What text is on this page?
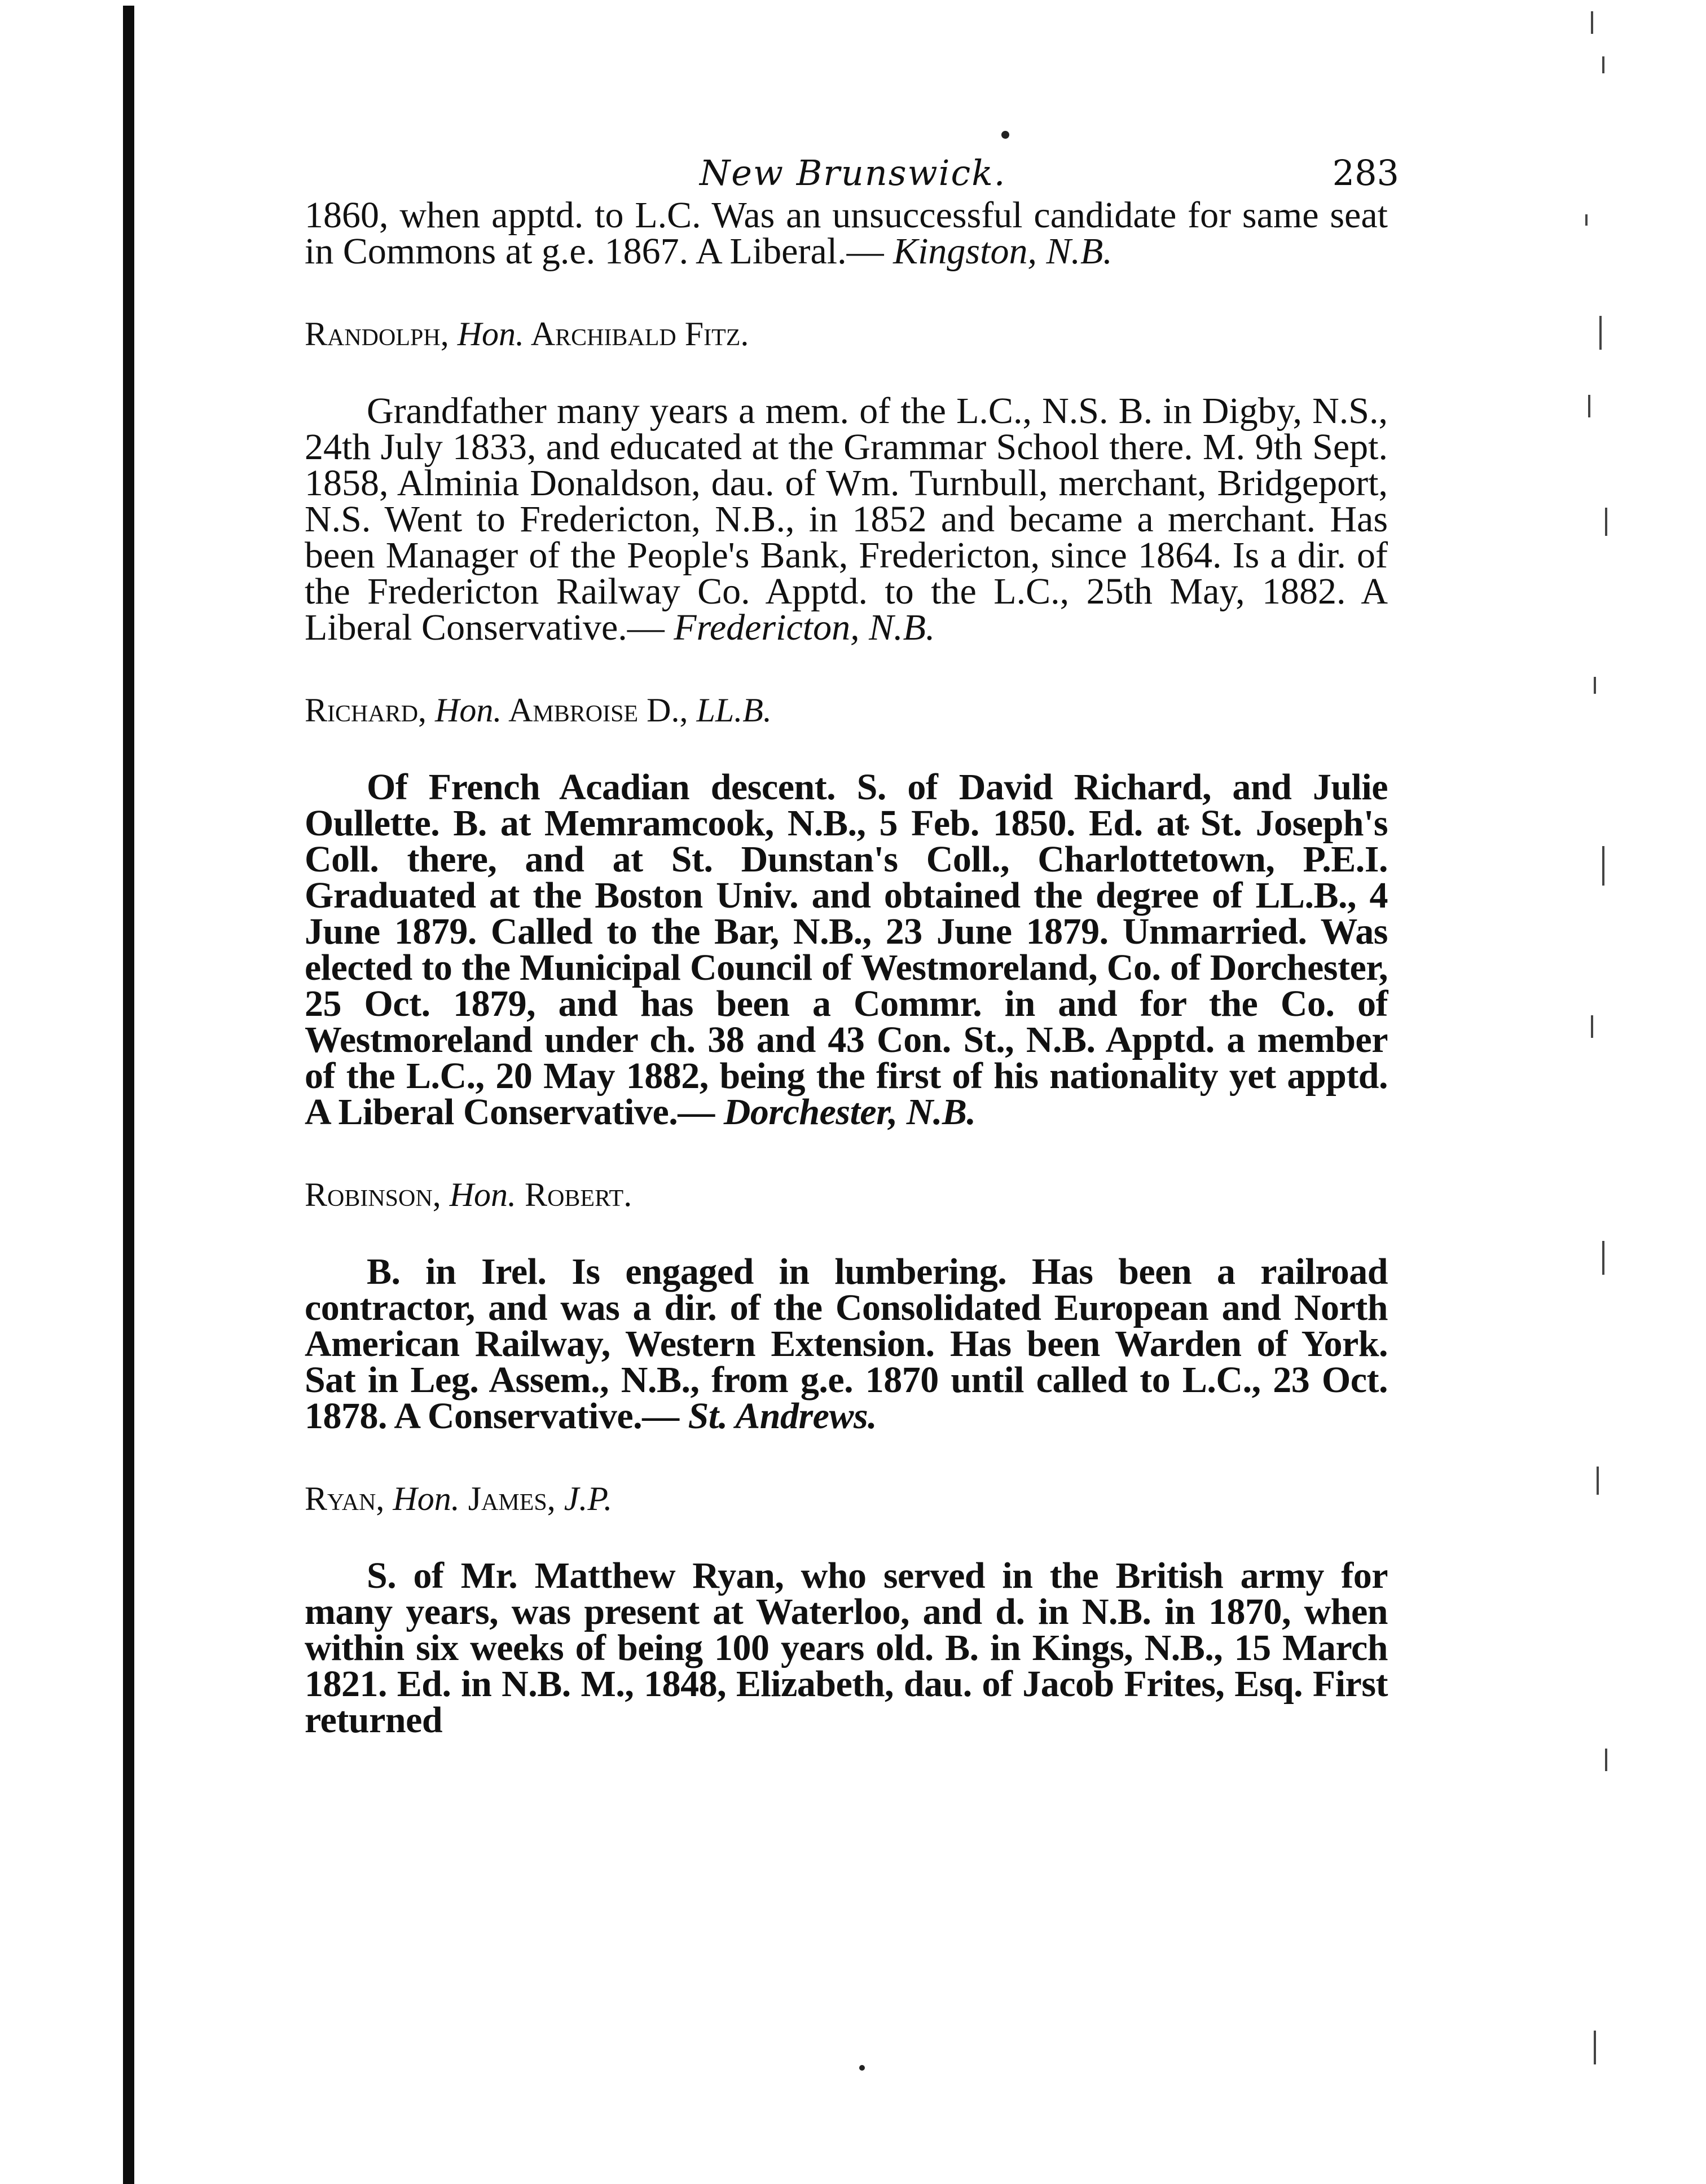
New Brunswick.	283

1860, when apptd. to L.C. Was an unsuccessful candidate for same seat in Commons at g.e. 1867. A Liberal.— Kingston, N.B.

Randolph, Hon. Archibald Fitz.

Grandfather many years a mem. of the L.C., N.S. B. in Digby, N.S., 24th July 1833, and educated at the Grammar School there. M. 9th Sept. 1858, Alminia Donaldson, dau. of Wm. Turnbull, merchant, Bridgeport, N.S. Went to Fredericton, N.B., in 1852 and became a merchant. Has been Manager of the People's Bank, Fredericton, since 1864. Is a dir. of the Fredericton Railway Co. Apptd. to the L.C., 25th May, 1882. A Liberal Conservative.— Fredericton, N.B.

Richard, Hon. Ambroise D., LL.B.

Of French Acadian descent. S. of David Richard, and Julie Oullette. B. at Memramcook, N.B., 5 Feb. 1850. Ed. at St. Joseph's Coll. there, and at St. Dunstan's Coll., Charlottetown, P.E.I. Graduated at the Boston Univ. and obtained the degree of LL.B., 4 June 1879. Called to the Bar, N.B., 23 June 1879. Unmarried. Was elected to the Municipal Council of Westmoreland, Co. of Dorchester, 25 Oct. 1879, and has been a Commr. in and for the Co. of Westmoreland under ch. 38 and 43 Con. St., N.B. Apptd. a member of the L.C., 20 May 1882, being the first of his nationality yet apptd. A Liberal Conservative.— Dorchester, N.B.

Robinson, Hon. Robert.

B. in Irel. Is engaged in lumbering. Has been a railroad contractor, and was a dir. of the Consolidated European and North American Railway, Western Extension. Has been Warden of York. Sat in Leg. Assem., N.B., from g.e. 1870 until called to L.C., 23 Oct. 1878. A Conservative.— St. Andrews.

Ryan, Hon. James, J.P.

S. of Mr. Matthew Ryan, who served in the British army for many years, was present at Waterloo, and d. in N.B. in 1870, when within six weeks of being 100 years old. B. in Kings, N.B., 15 March 1821. Ed. in N.B. M., 1848, Elizabeth, dau. of Jacob Frites, Esq. First returned
